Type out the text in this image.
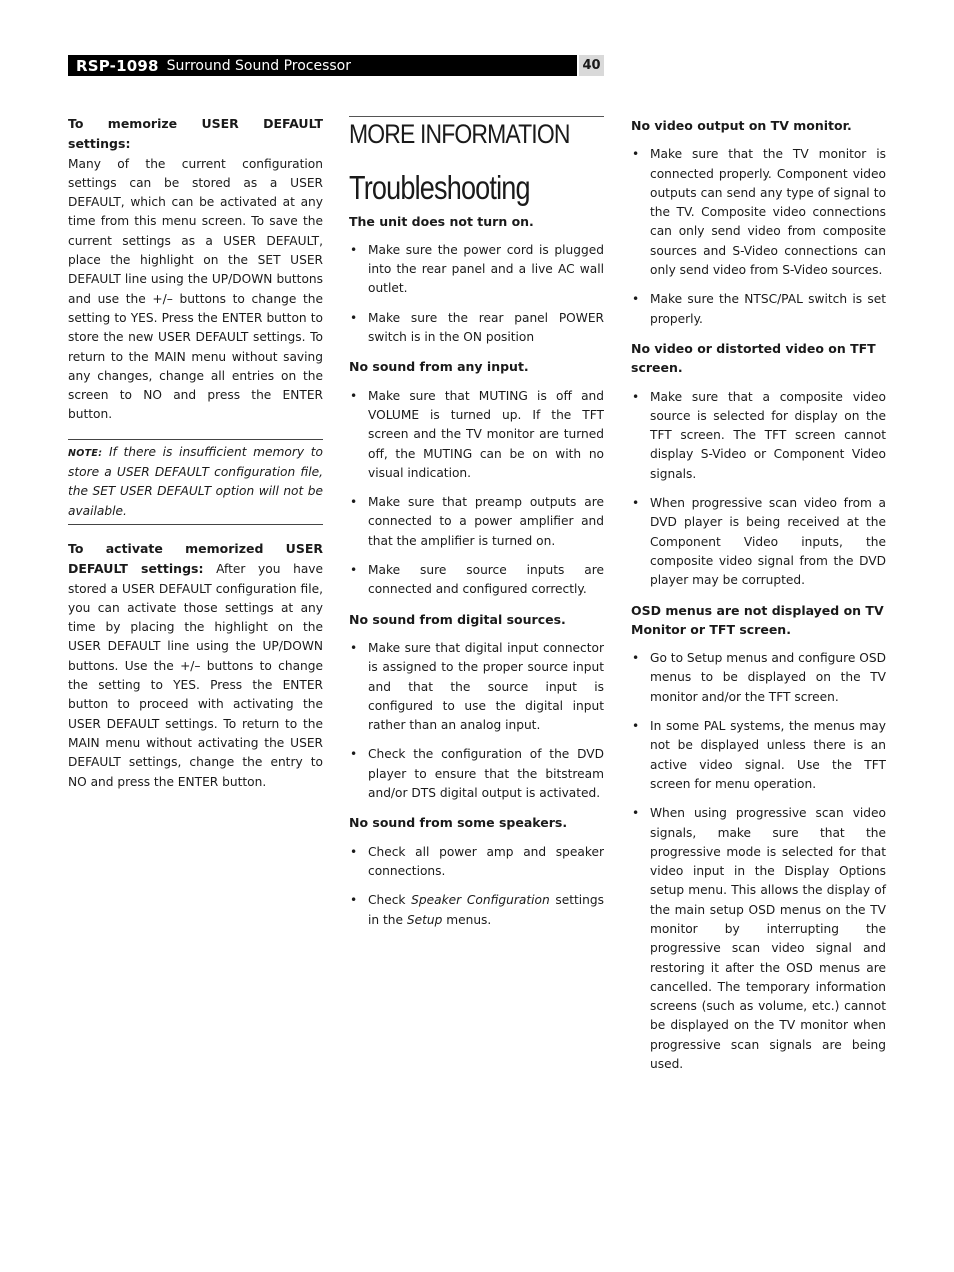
RSP-1098 Surround Sound Processor	40

To memorize USER DEFAULT settings:
Many of the current configuration settings can be stored as a USER DEFAULT, which can be activated at any time from this menu screen. To save the current settings as a USER DEFAULT, place the highlight on the SET USER DEFAULT line using the UP/DOWN buttons and use the +/– buttons to change the setting to YES. Press the ENTER button to store the new USER DEFAULT settings. To return to the MAIN menu without saving any changes, change all entries on the screen to NO and press the ENTER button.

NOTE: If there is insufficient memory to store a USER DEFAULT configuration file, the SET USER DEFAULT option will not be available.

To activate memorized USER DEFAULT settings: After you have stored a USER DEFAULT configuration file, you can activate those settings at any time by placing the highlight on the USER DEFAULT line using the UP/DOWN buttons. Use the +/– buttons to change the setting to YES. Press the ENTER button to proceed with activating the USER DEFAULT settings. To return to the MAIN menu without activating the USER DEFAULT settings, change the entry to NO and press the ENTER button.

MORE INFORMATION
Troubleshooting
The unit does not turn on.
• Make sure the power cord is plugged into the rear panel and a live AC wall outlet.
• Make sure the rear panel POWER switch is in the ON position
No sound from any input.
• Make sure that MUTING is off and VOLUME is turned up. If the TFT screen and the TV monitor are turned off, the MUTING can be on with no visual indication.
• Make sure that preamp outputs are connected to a power amplifier and that the amplifier is turned on.
• Make sure source inputs are connected and configured correctly.
No sound from digital sources.
• Make sure that digital input connector is assigned to the proper source input and that the source input is configured to use the digital input rather than an analog input.
• Check the configuration of the DVD player to ensure that the bitstream and/or DTS digital output is activated.
No sound from some speakers.
• Check all power amp and speaker connections.
• Check Speaker Configuration settings in the Setup menus.
No video output on TV monitor.
• Make sure that the TV monitor is connected properly. Component video outputs can send any type of signal to the TV. Composite video connections can only send video from composite sources and S-Video connections can only send video from S-Video sources.
• Make sure the NTSC/PAL switch is set properly.
No video or distorted video on TFT screen.
• Make sure that a composite video source is selected for display on the TFT screen. The TFT screen cannot display S-Video or Component Video signals.
• When progressive scan video from a DVD player is being received at the Component Video inputs, the composite video signal from the DVD player may be corrupted.
OSD menus are not displayed on TV Monitor or TFT screen.
• Go to Setup menus and configure OSD menus to be displayed on the TV monitor and/or the TFT screen.
• In some PAL systems, the menus may not be displayed unless there is an active video signal. Use the TFT screen for menu operation.
• When using progressive scan video signals, make sure that the progressive mode is selected for that video input in the Display Options setup menu. This allows the display of the main setup OSD menus on the TV monitor by interrupting the progressive scan video signal and restoring it after the OSD menus are cancelled. The temporary information screens (such as volume, etc.) cannot be displayed on the TV monitor when progressive scan signals are being used.
